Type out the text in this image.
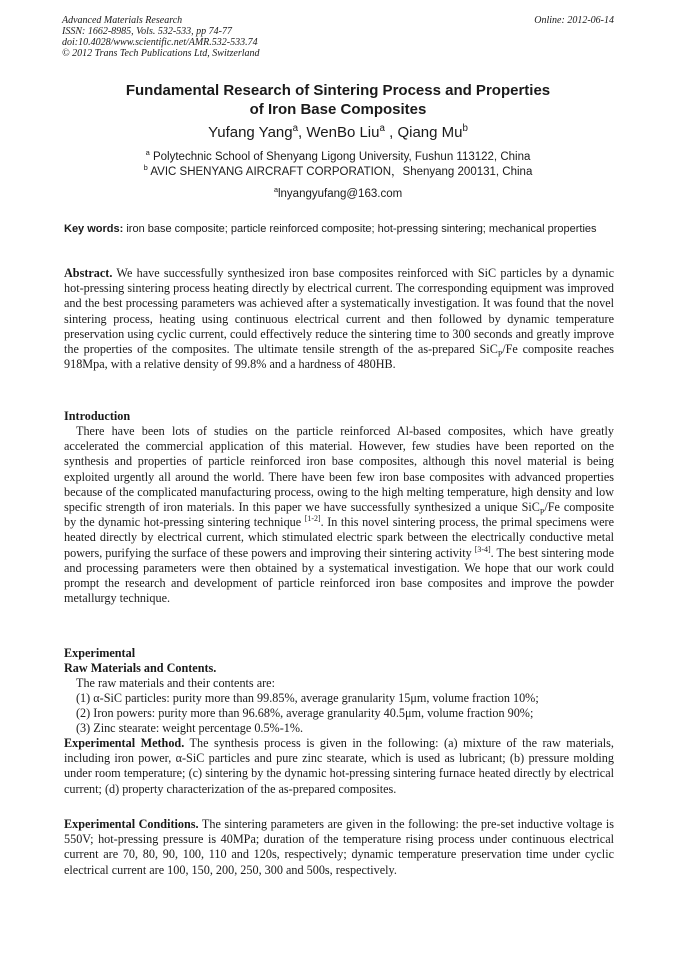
Advanced Materials Research
ISSN: 1662-8985, Vols. 532-533, pp 74-77
doi:10.4028/www.scientific.net/AMR.532-533.74
© 2012 Trans Tech Publications Ltd, Switzerland
Online: 2012-06-14
Fundamental Research of Sintering Process and Properties
of Iron Base Composites
Yufang Yang$^a$, WenBo Liu$^a$ , Qiang Mu$^b$
$^a$ Polytechnic School of Shenyang Ligong University, Fushun 113122, China
$^b$ AVIC SHENYANG AIRCRAFT CORPORATION，Shenyang 200131, China
$^a$lnyangyufang@163.com
Key words: iron base composite; particle reinforced composite; hot-pressing sintering; mechanical properties
Abstract. We have successfully synthesized iron base composites reinforced with SiC particles by a dynamic hot-pressing sintering process heating directly by electrical current. The corresponding equipment was improved and the best processing parameters was achieved after a systematically investigation. It was found that the novel sintering process, heating using continuous electrical current and then followed by dynamic temperature preservation using cyclic current, could effectively reduce the sintering time to 300 seconds and greatly improve the properties of the composites. The ultimate tensile strength of the as-prepared SiC$_P$/Fe composite reaches 918Mpa, with a relative density of 99.8% and a hardness of 480HB.
Introduction
There have been lots of studies on the particle reinforced Al-based composites, which have greatly accelerated the commercial application of this material. However, few studies have been reported on the synthesis and properties of particle reinforced iron base composites, although this novel material is being exploited urgently all around the world. There have been few iron base composites with advanced properties because of the complicated manufacturing process, owing to the high melting temperature, high density and low specific strength of iron materials. In this paper we have successfully synthesized a unique SiC$_P$/Fe composite by the dynamic hot-pressing sintering technique [1-2]. In this novel sintering process, the primal specimens were heated directly by electrical current, which stimulated electric spark between the electrically conductive metal powers, purifying the surface of these powers and improving their sintering activity [3-4]. The best sintering mode and processing parameters were then obtained by a systematical investigation. We hope that our work could prompt the research and development of particle reinforced iron base composites and improve the powder metallurgy technique.
Experimental
Raw Materials and Contents.
The raw materials and their contents are:
(1) α-SiC particles: purity more than 99.85%, average granularity 15μm, volume fraction 10%;
(2) Iron powers: purity more than 96.68%, average granularity 40.5μm, volume fraction 90%;
(3) Zinc stearate: weight percentage 0.5%-1%.
Experimental Method. The synthesis process is given in the following: (a) mixture of the raw materials, including iron power, α-SiC particles and pure zinc stearate, which is used as lubricant; (b) pressure molding under room temperature; (c) sintering by the dynamic hot-pressing sintering furnace heated directly by electrical current; (d) property characterization of the as-prepared composites.
Experimental Conditions. The sintering parameters are given in the following: the pre-set inductive voltage is 550V; hot-pressing pressure is 40MPa; duration of the temperature rising process under continuous electrical current are 70, 80, 90, 100, 110 and 120s, respectively; dynamic temperature preservation time under cyclic electrical current are 100, 150, 200, 250, 300 and 500s, respectively.
